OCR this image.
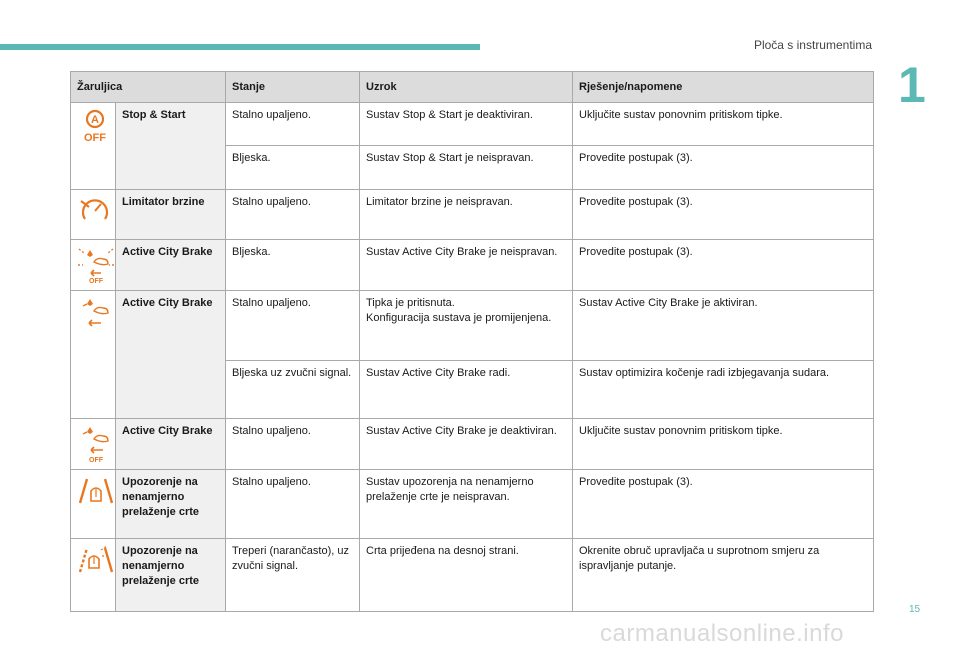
Ploča s instrumentima
1
Žaruljica		Stanje	Uzrok	Rješenje/napomene

A
OFF	Stop & Start	Stalno upaljeno.	Sustav Stop & Start je deaktiviran.	Uključite sustav ponovnim pritiskom tipke.
		Bljeska.	Sustav Stop & Start je neispravan.	Provedite postupak (3).

	Limitator brzine	Stalno upaljeno.	Limitator brzine je neispravan.	Provedite postupak (3).

OFF	Active City Brake	Bljeska.	Sustav Active City Brake je neispravan.	Provedite postupak (3).

	Active City Brake	Stalno upaljeno.	Tipka je pritisnuta.
Konfiguracija sustava je promijenjena.	Sustav Active City Brake je aktiviran.
		Bljeska uz zvučni signal.	Sustav Active City Brake radi.	Sustav optimizira kočenje radi izbjegavanja sudara.

OFF	Active City Brake	Stalno upaljeno.	Sustav Active City Brake je deaktiviran.	Uključite sustav ponovnim pritiskom tipke.

	Upozorenje na nenamjerno prelaženje crte	Stalno upaljeno.	Sustav upozorenja na nenamjerno prelaženje crte je neispravan.	Provedite postupak (3).

	Upozorenje na nenamjerno prelaženje crte	Treperi (narančasto), uz zvučni signal.	Crta prijeđena na desnoj strani.	Okrenite obruč upravljača u suprotnom smjeru za ispravljanje putanje.
15
carmanualsonline.info
